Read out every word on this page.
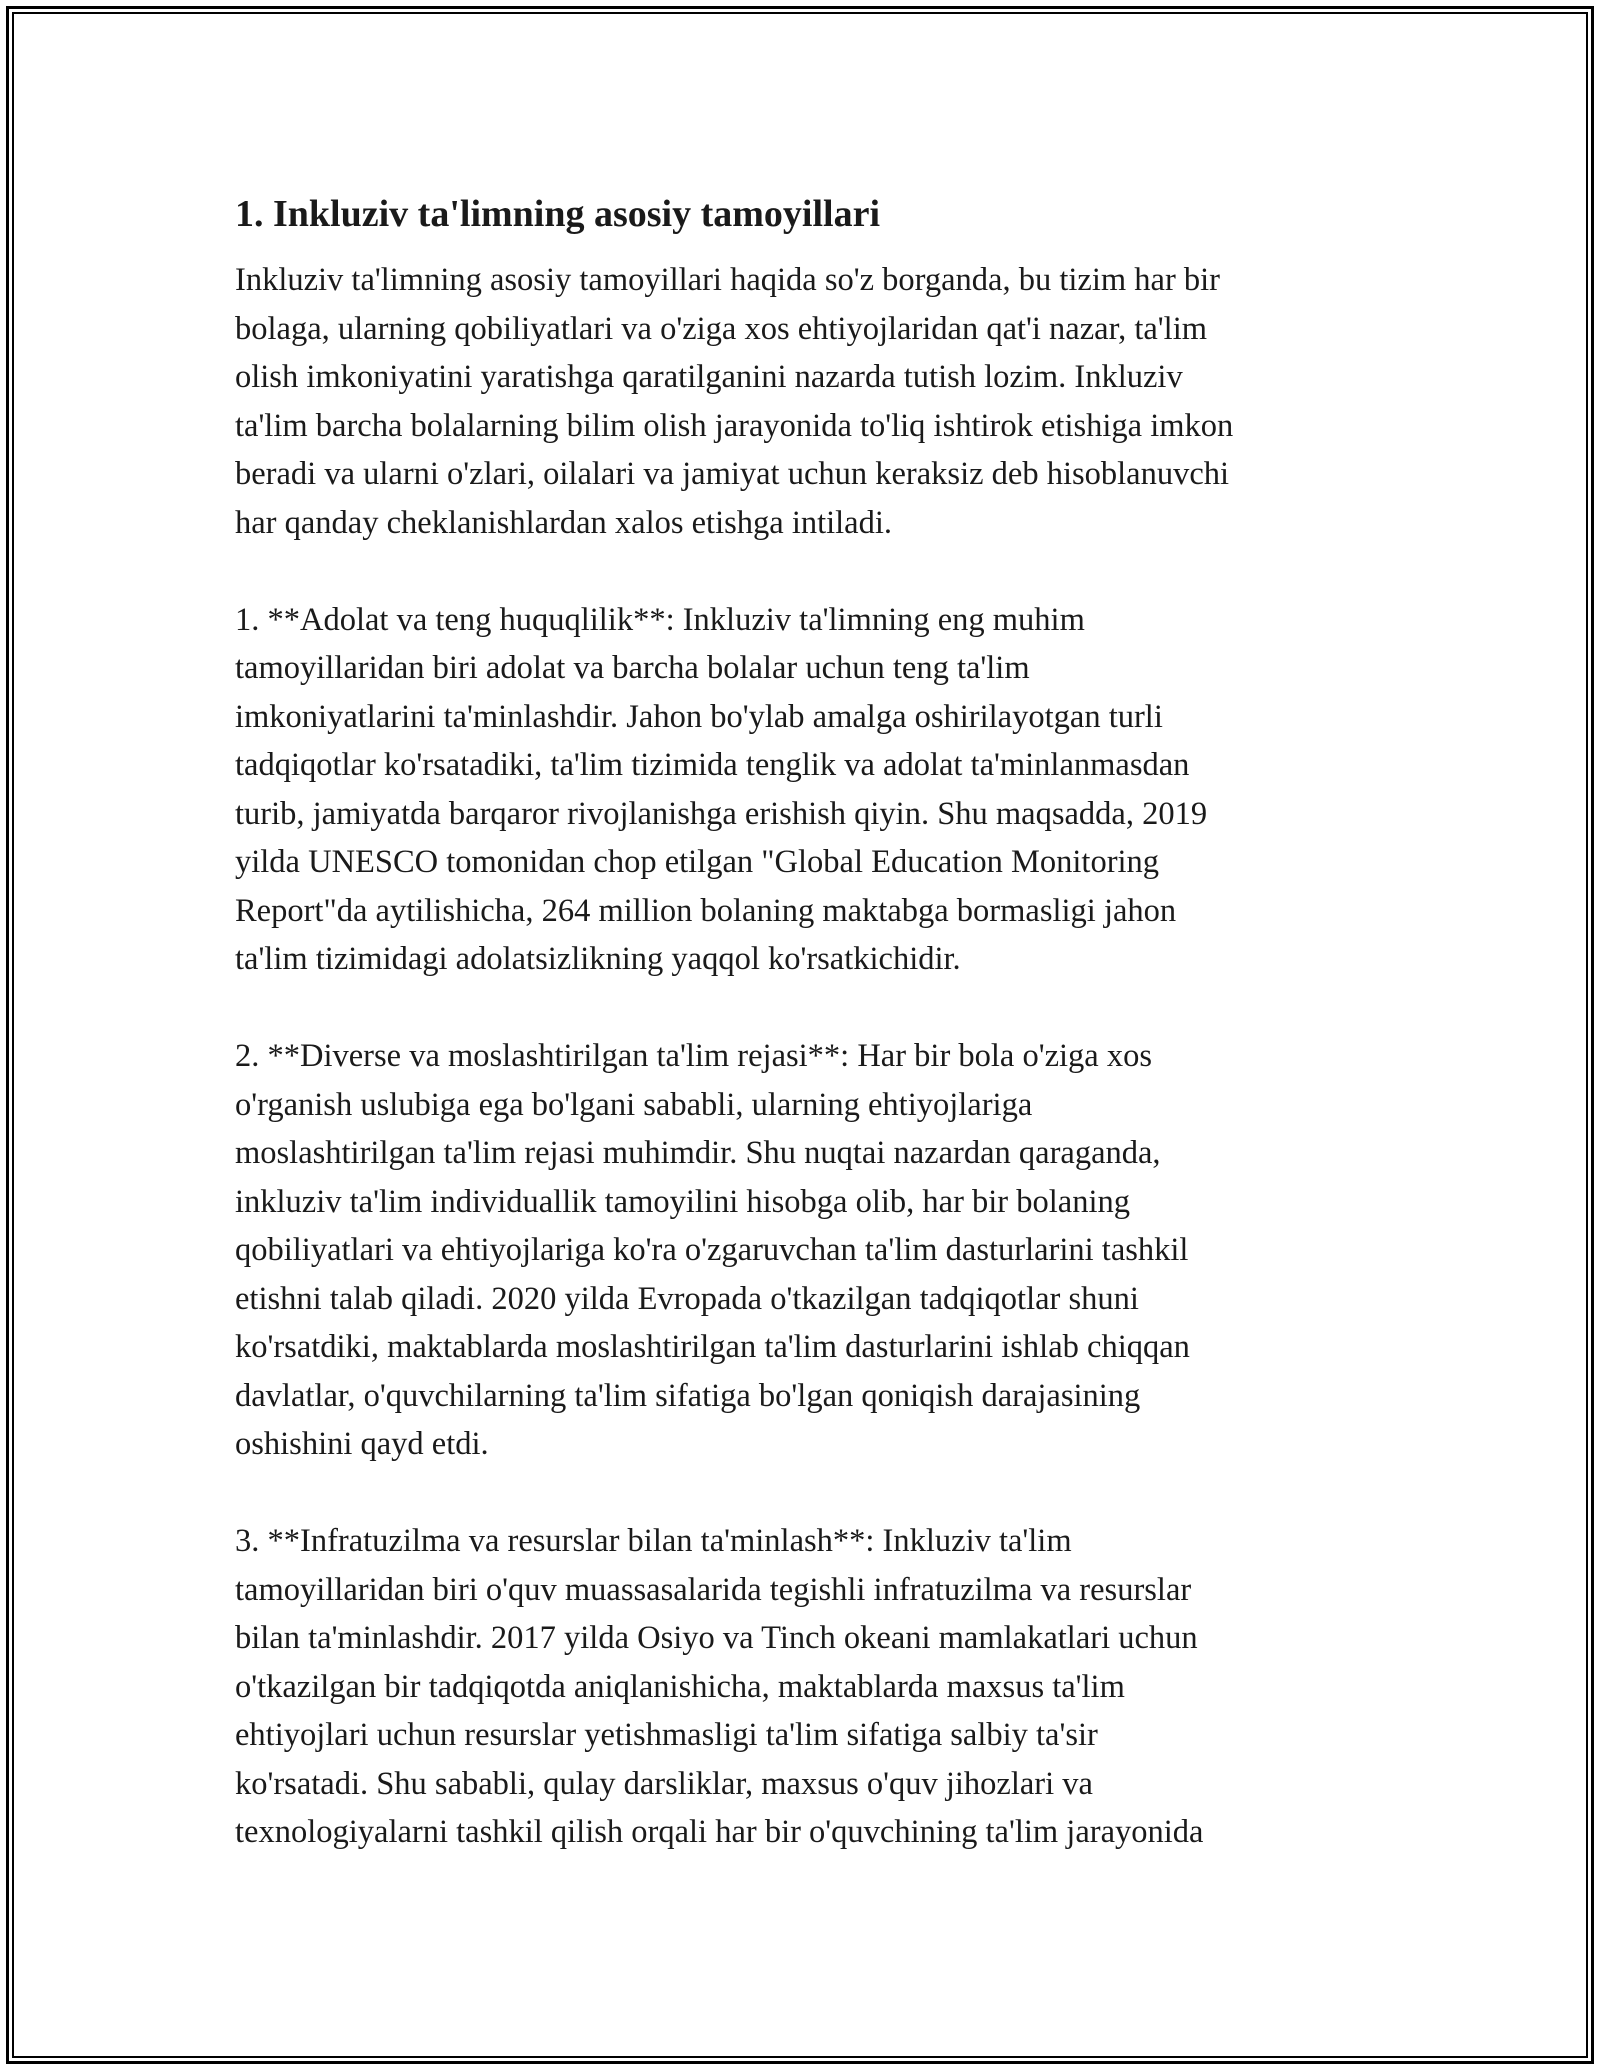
1. Inkluziv ta'limning asosiy tamoyillari

Inkluziv ta'limning asosiy tamoyillari haqida so'z borganda, bu tizim har bir
bolaga, ularning qobiliyatlari va o'ziga xos ehtiyojlaridan qat'i nazar, ta'lim
olish imkoniyatini yaratishga qaratilganini nazarda tutish lozim. Inkluziv
ta'lim barcha bolalarning bilim olish jarayonida to'liq ishtirok etishiga imkon
beradi va ularni o'zlari, oilalari va jamiyat uchun keraksiz deb hisoblanuvchi
har qanday cheklanishlardan xalos etishga intiladi.

1. **Adolat va teng huquqlilik**: Inkluziv ta'limning eng muhim
tamoyillaridan biri adolat va barcha bolalar uchun teng ta'lim
imkoniyatlarini ta'minlashdir. Jahon bo'ylab amalga oshirilayotgan turli
tadqiqotlar ko'rsatadiki, ta'lim tizimida tenglik va adolat ta'minlanmasdan
turib, jamiyatda barqaror rivojlanishga erishish qiyin. Shu maqsadda, 2019
yilda UNESCO tomonidan chop etilgan "Global Education Monitoring
Report"da aytilishicha, 264 million bolaning maktabga bormasligi jahon
ta'lim tizimidagi adolatsizlikning yaqqol ko'rsatkichidir.

2. **Diverse va moslashtirilgan ta'lim rejasi**: Har bir bola o'ziga xos
o'rganish uslubiga ega bo'lgani sababli, ularning ehtiyojlariga
moslashtirilgan ta'lim rejasi muhimdir. Shu nuqtai nazardan qaraganda,
inkluziv ta'lim individuallik tamoyilini hisobga olib, har bir bolaning
qobiliyatlari va ehtiyojlariga ko'ra o'zgaruvchan ta'lim dasturlarini tashkil
etishni talab qiladi. 2020 yilda Evropada o'tkazilgan tadqiqotlar shuni
ko'rsatdiki, maktablarda moslashtirilgan ta'lim dasturlarini ishlab chiqqan
davlatlar, o'quvchilarning ta'lim sifatiga bo'lgan qoniqish darajasining
oshishini qayd etdi.

3. **Infratuzilma va resurslar bilan ta'minlash**: Inkluziv ta'lim
tamoyillaridan biri o'quv muassasalarida tegishli infratuzilma va resurslar
bilan ta'minlashdir. 2017 yilda Osiyo va Tinch okeani mamlakatlari uchun
o'tkazilgan bir tadqiqotda aniqlanishicha, maktablarda maxsus ta'lim
ehtiyojlari uchun resurslar yetishmasligi ta'lim sifatiga salbiy ta'sir
ko'rsatadi. Shu sababli, qulay darsliklar, maxsus o'quv jihozlari va
texnologiyalarni tashkil qilish orqali har bir o'quvchining ta'lim jarayonida
